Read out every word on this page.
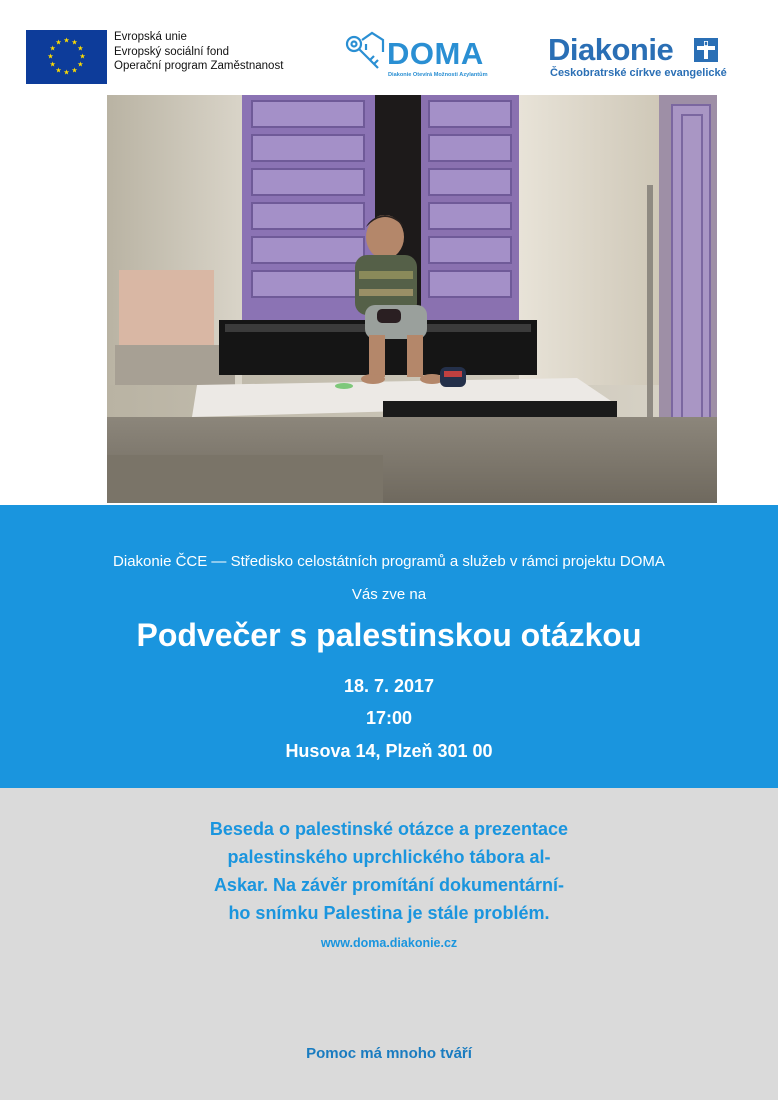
★ ★
★
★
★
★
★
★
★
★
★
★	Evropská unie
Evropský sociální fond
Operační program Zaměstnanost	DOMA
Diakonie Otevírá Možnosti Azylantům
Diakonie
Českobratrské církve evangelické
Diakonie ČCE — Středisko celostátních programů a služeb v rámci projektu DOMA
Vás zve na
Podvečer s palestinskou otázkou
18. 7. 2017
17:00
Husova 14, Plzeň 301 00
Beseda o palestinské otázce a prezentace
palestinského uprchlického tábora al-
Askar. Na závěr promítání dokumentární-
ho snímku Palestina je stále problém.
www.doma.diakonie.cz
Pomoc má mnoho tváří
